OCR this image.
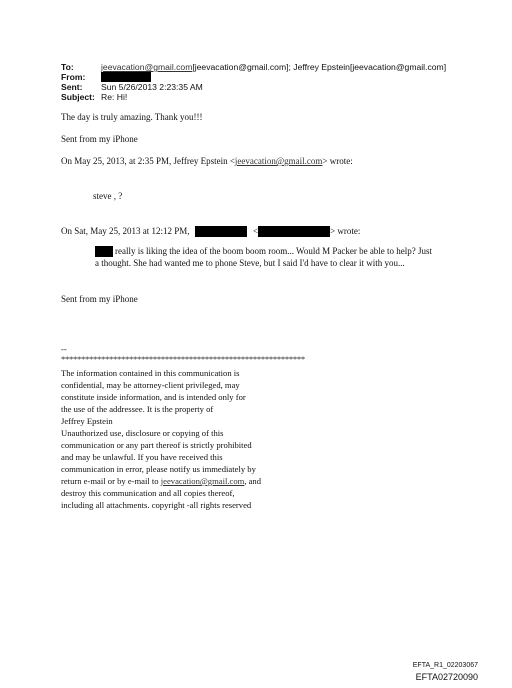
To:	jeevacation@gmail.com[jeevacation@gmail.com]; Jeffrey Epstein[jeevacation@gmail.com]
From:
Sent:	Sun 5/26/2013 2:23:35 AM
Subject: Re: Hi!
The day is truly amazing. Thank you!!!
Sent from my iPhone
On May 25, 2013, at 2:35 PM, Jeffrey Epstein <jeevacation@gmail.com> wrote:
steve , ?
On Sat, May 25, 2013 at 12:12 PM,	<	> wrote:
really is liking the idea of the boom boom room... Would M Packer be able to help? Just a thought. She had wanted me to phone Steve, but I said I'd have to clear it with you...
Sent from my iPhone
--
*************************************************************
The information contained in this communication is
confidential, may be attorney-client privileged, may
constitute inside information, and is intended only for
the use of the addressee. It is the property of
Jeffrey Epstein
Unauthorized use, disclosure or copying of this
communication or any part thereof is strictly prohibited
and may be unlawful. If you have received this
communication in error, please notify us immediately by
return e-mail or by e-mail to jeevacation@gmail.com, and
destroy this communication and all copies thereof,
including all attachments. copyright -all rights reserved
EFTA_R1_02203067
EFTA02720090
